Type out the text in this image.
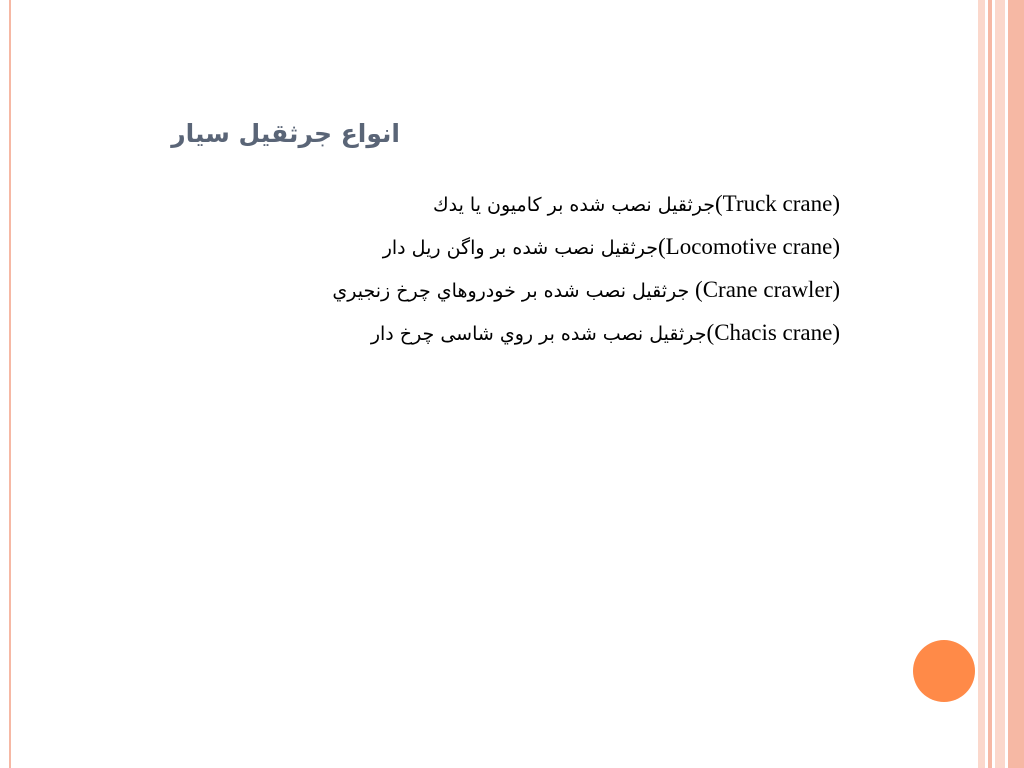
انواع جرثقيل سيار
(Truck crane)جرثقيل نصب شده بر كاميون يا يدك
(Locomotive crane)جرثقيل نصب شده بر واگن ريل دار
(Crane crawler) جرثقيل نصب شده بر خودروهاي چرخ زنجيري
(Chacis crane)جرثقيل نصب شده بر روي شاسی چرخ دار
